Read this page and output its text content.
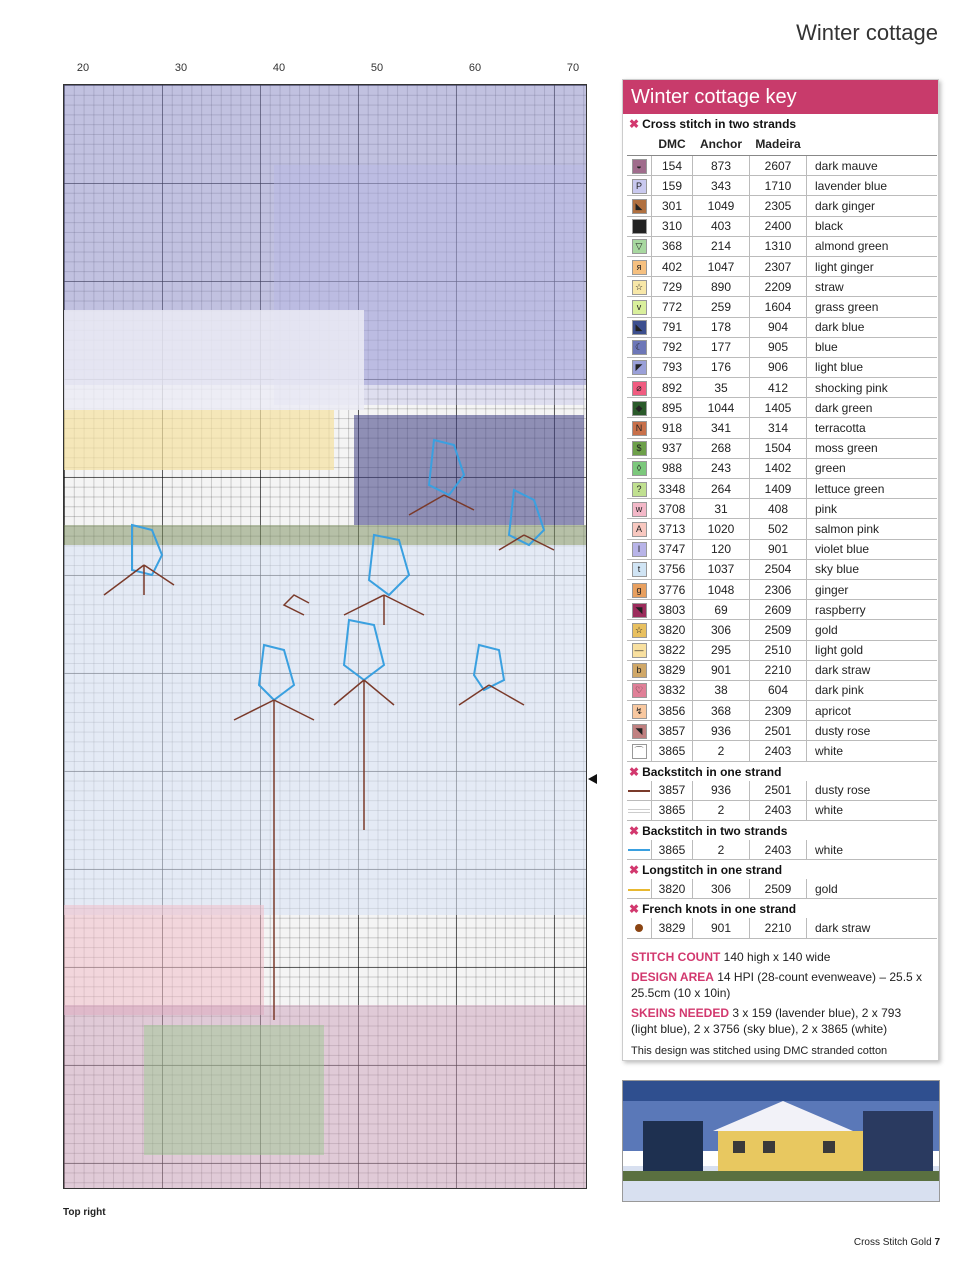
Winter cottage
20	30	40	50	60	70
Top right
Winter cottage key
✖ Cross stitch in two strands
	DMC	Anchor	Madeira	
◒	154	873	2607	dark mauve
P	159	343	1710	lavender blue
◣	301	1049	2305	dark ginger
■	310	403	2400	black
▽	368	214	1310	almond green
я	402	1047	2307	light ginger
☆	729	890	2209	straw
v	772	259	1604	grass green
◣	791	178	904	dark blue
☾	792	177	905	blue
◤	793	176	906	light blue
⌀	892	35	412	shocking pink
◆	895	1044	1405	dark green
N	918	341	314	terracotta
$	937	268	1504	moss green
◊	988	243	1402	green
?	3348	264	1409	lettuce green
w	3708	31	408	pink
A	3713	1020	502	salmon pink
I	3747	120	901	violet blue
t	3756	1037	2504	sky blue
ɡ	3776	1048	2306	ginger
◥	3803	69	2609	raspberry
☆	3820	306	2509	gold
—	3822	295	2510	light gold
b	3829	901	2210	dark straw
♡	3832	38	604	dark pink
↯	3856	368	2309	apricot
◥	3857	936	2501	dusty rose
⌒	3865	2	2403	white
✖ Backstitch in one strand
	3857	936	2501	dusty rose
	3865	2	2403	white
✖ Backstitch in two strands
	3865	2	2403	white
✖ Longstitch in one strand
	3820	306	2509	gold
✖ French knots in one strand
	3829	901	2210	dark straw
STITCH COUNT 140 high x 140 wide
DESIGN AREA 14 HPI (28-count evenweave) – 25.5 x 25.5cm (10 x 10in)
SKEINS NEEDED 3 x 159 (lavender blue), 2 x 793 (light blue), 2 x 3756 (sky blue), 2 x 3865 (white)
This design was stitched using DMC stranded cotton
Cross Stitch Gold 7
